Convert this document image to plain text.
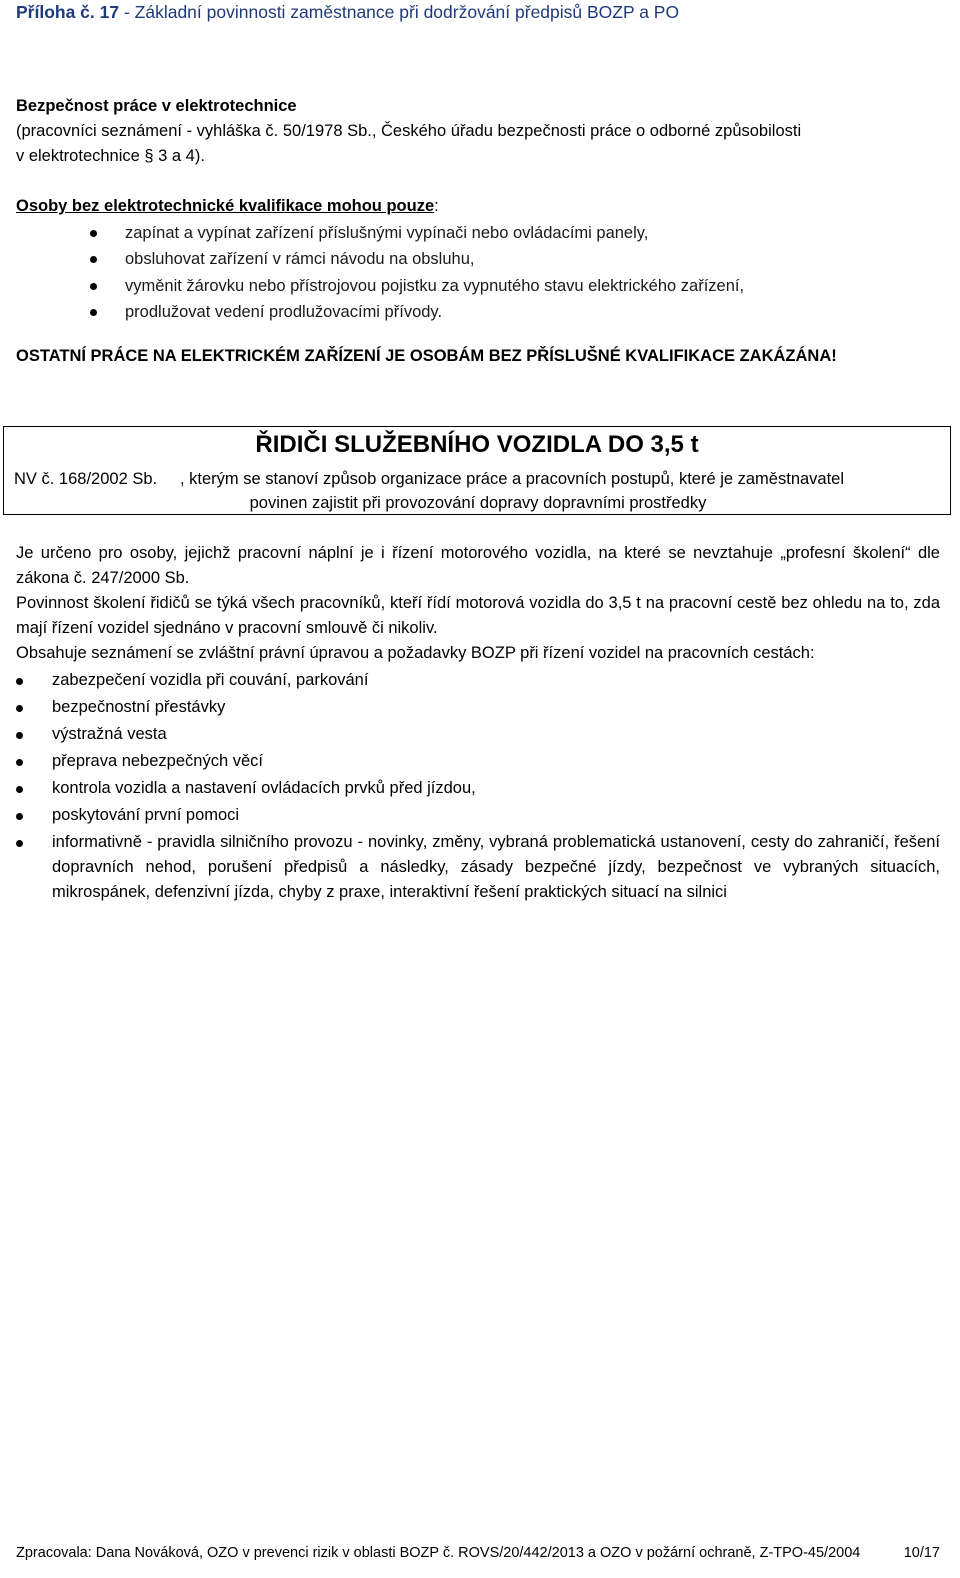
Příloha č. 17 - Základní povinnosti zaměstnance při dodržování předpisů BOZP a PO
Bezpečnost práce v elektrotechnice
(pracovníci seznámení - vyhláška č. 50/1978 Sb., Českého úřadu bezpečnosti práce o odborné způsobilosti
v elektrotechnice § 3 a 4).
Osoby bez elektrotechnické kvalifikace mohou pouze:
zapínat a vypínat zařízení příslušnými vypínači nebo ovládacími panely,
obsluhovat zařízení v rámci návodu na obsluhu,
vyměnit žárovku nebo přístrojovou pojistku za vypnutého stavu elektrického zařízení,
prodlužovat vedení prodlužovacími přívody.
OSTATNÍ PRÁCE NA ELEKTRICKÉM ZAŘÍZENÍ JE OSOBÁM BEZ PŘÍSLUŠNÉ KVALIFIKACE ZAKÁZÁNA!
ŘIDIČI SLUŽEBNÍHO VOZIDLA DO 3,5 t
NV č. 168/2002 Sb.	, kterým se stanoví způsob organizace práce a pracovních postupů, které je zaměstnavatel
povinen zajistit při provozování dopravy dopravními prostředky

Je určeno pro osoby, jejichž pracovní náplní je i řízení motorového vozidla, na které se nevztahuje „profesní školení“ dle zákona č. 247/2000 Sb.

Povinnost školení řidičů se týká všech pracovníků, kteří řídí motorová vozidla do 3,5 t na pracovní cestě bez ohledu na to, zda mají řízení vozidel sjednáno v pracovní smlouvě či nikoliv.

Obsahuje seznámení se zvláštní právní úpravou a požadavky BOZP při řízení vozidel na pracovních cestách:

zabezpečení vozidla při couvání, parkování
bezpečnostní přestávky
výstražná vesta
přeprava nebezpečných věcí
kontrola vozidla a nastavení ovládacích prvků před jízdou,
poskytování první pomoci
informativně - pravidla silničního provozu - novinky, změny, vybraná problematická ustanovení, cesty do zahraničí, řešení dopravních nehod, porušení předpisů a následky, zásady bezpečné jízdy, bezpečnost ve vybraných situacích, mikrospánek, defenzivní jízda, chyby z praxe, interaktivní řešení praktických situací na silnici
Zpracovala: Dana Nováková, OZO v prevenci rizik v oblasti BOZP č. ROVS/20/442/2013 a OZO v požární ochraně, Z-TPO-45/2004	10/17
